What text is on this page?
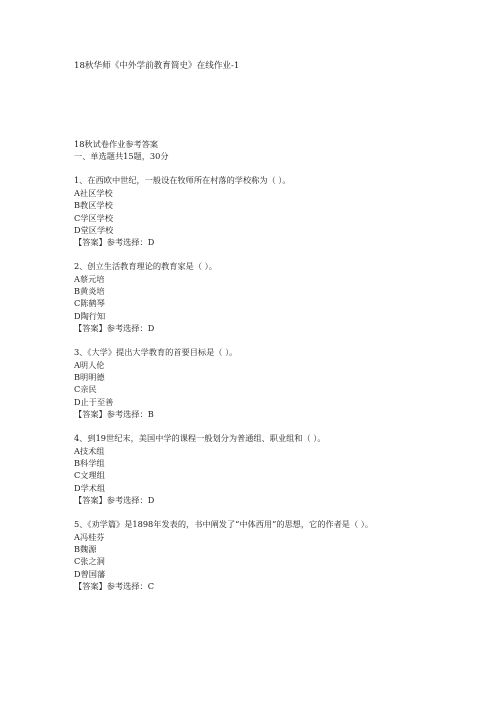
18秋华师《中外学前教育简史》在线作业-1
18秋试卷作业参考答案
一、单选题共15题，30分
1、在西欧中世纪，一般设在牧师所在村落的学校称为（ ）。
A社区学校
B教区学校
C学区学校
D堂区学校
【答案】参考选择：D
2、创立生活教育理论的教育家是（ ）。
A蔡元培
B黄炎培
C陈鹤琴
D陶行知
【答案】参考选择：D
3、《大学》提出大学教育的首要目标是（ ）。
A明人伦
B明明德
C亲民
D止于至善
【答案】参考选择：B
4、到19世纪末，美国中学的课程一般划分为普通组、职业组和（ ）。
A技术组
B科学组
C文理组
D学术组
【答案】参考选择：D
5、《劝学篇》是1898年发表的，书中阐发了“中体西用”的思想，它的作者是（ ）。
A冯桂芬
B魏源
C张之洞
D曾国藩
【答案】参考选择：C
